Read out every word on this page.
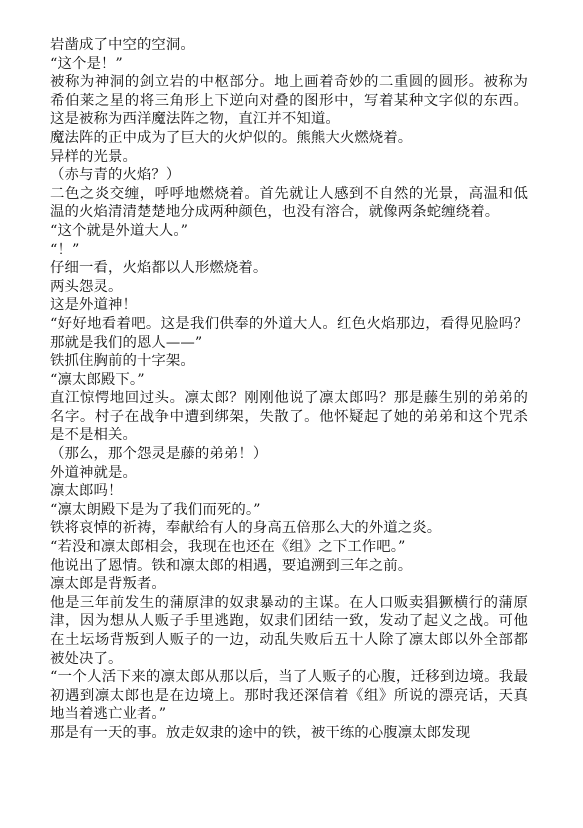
岩凿成了中空的空洞。

“这个是！”

被称为神洞的剑立岩的中枢部分。地上画着奇妙的二重圆的圆形。被称为希伯莱之星的将三角形上下逆向对叠的图形中，写着某种文字似的东西。这是被称为西洋魔法阵之物，直江并不知道。

魔法阵的正中成为了巨大的火炉似的。熊熊大火燃烧着。

异样的光景。

（赤与青的火焰？）

二色之炎交缠，呼呼地燃烧着。首先就让人感到不自然的光景，高温和低温的火焰清清楚楚地分成两种颜色，也没有溶合，就像两条蛇缠绕着。

“这个就是外道大人。”

“！”

仔细一看，火焰都以人形燃烧着。

两头怨灵。

这是外道神！

“好好地看着吧。这是我们供奉的外道大人。红色火焰那边，看得见脸吗？那就是我们的恩人——”

铁抓住胸前的十字架。

“凛太郎殿下。”

直江惊愕地回过头。凛太郎？刚刚他说了凛太郎吗？那是藤生别的弟弟的名字。村子在战争中遭到绑架，失散了。他怀疑起了她的弟弟和这个咒杀是不是相关。

（那么，那个怨灵是藤的弟弟！）

外道神就是。

凛太郎吗！

“凛太朗殿下是为了我们而死的。”

铁将哀悼的祈祷，奉献给有人的身高五倍那么大的外道之炎。

“若没和凛太郎相会，我现在也还在《组》之下工作吧。”

他说出了恩情。铁和凛太郎的相遇，要追溯到三年之前。

凛太郎是背叛者。

他是三年前发生的蒲原津的奴隶暴动的主谋。在人口贩卖猖獗横行的蒲原津，因为想从人贩子手里逃跑，奴隶们团结一致，发动了起义之战。可他在土坛场背叛到人贩子的一边，动乱失败后五十人除了凛太郎以外全部都被处决了。

“一个人活下来的凛太郎从那以后，当了人贩子的心腹，迁移到边境。我最初遇到凛太郎也是在边境上。那时我还深信着《组》所说的漂亮话，天真地当着逃亡业者。”

那是有一天的事。放走奴隶的途中的铁，被干练的心腹凛太郎发现
